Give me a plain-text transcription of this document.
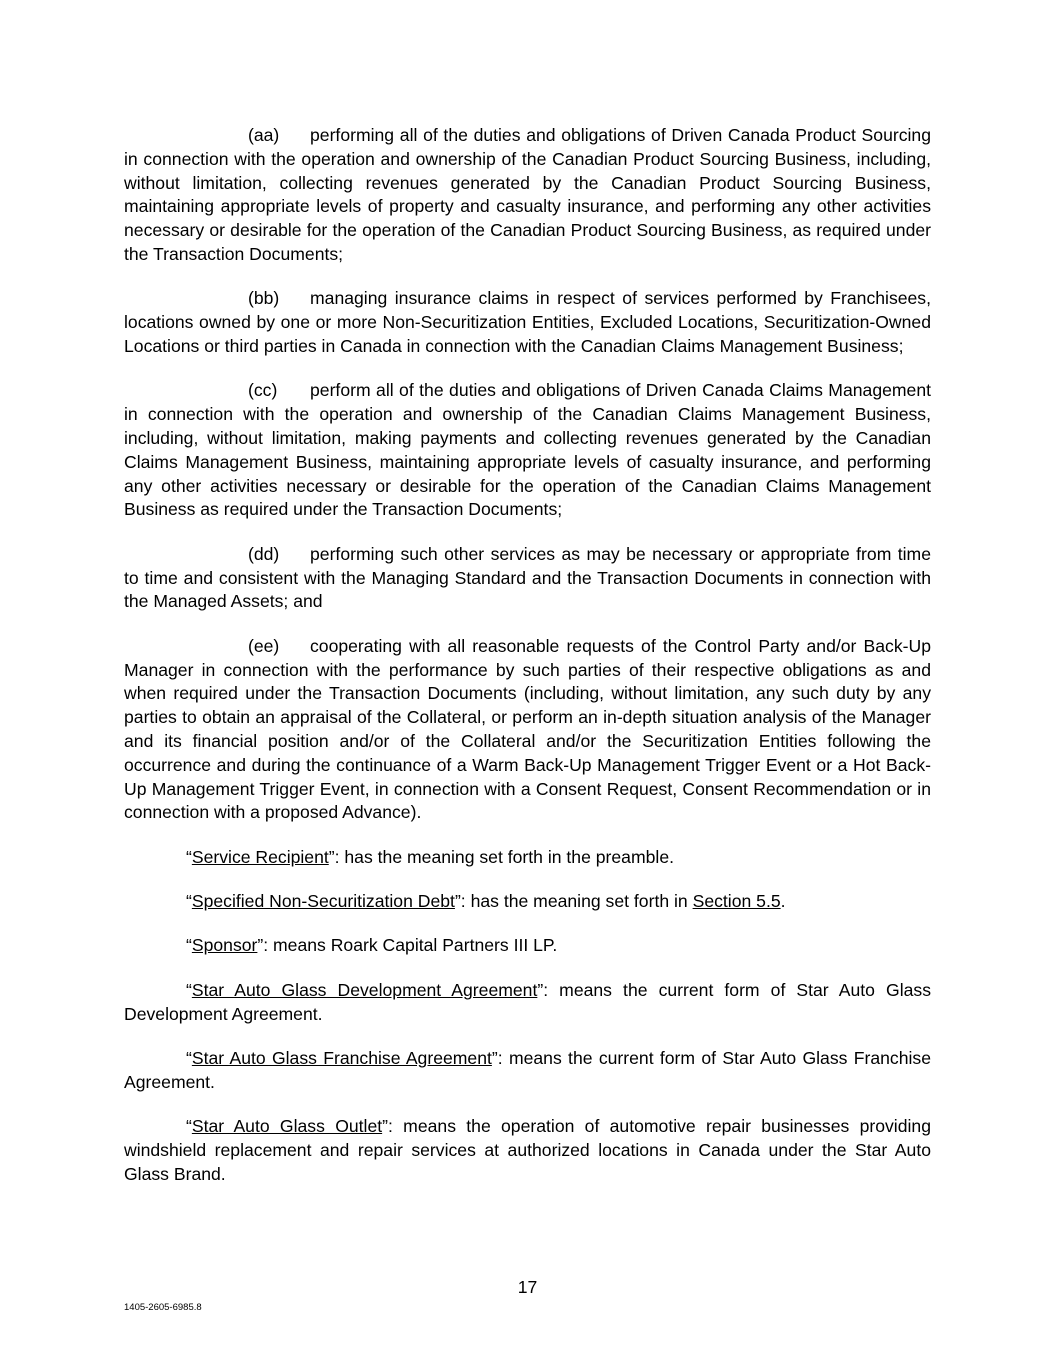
(aa) performing all of the duties and obligations of Driven Canada Product Sourcing in connection with the operation and ownership of the Canadian Product Sourcing Business, including, without limitation, collecting revenues generated by the Canadian Product Sourcing Business, maintaining appropriate levels of property and casualty insurance, and performing any other activities necessary or desirable for the operation of the Canadian Product Sourcing Business, as required under the Transaction Documents;

(bb) managing insurance claims in respect of services performed by Franchisees, locations owned by one or more Non-Securitization Entities, Excluded Locations, Securitization-Owned Locations or third parties in Canada in connection with the Canadian Claims Management Business;

(cc) perform all of the duties and obligations of Driven Canada Claims Management in connection with the operation and ownership of the Canadian Claims Management Business, including, without limitation, making payments and collecting revenues generated by the Canadian Claims Management Business, maintaining appropriate levels of casualty insurance, and performing any other activities necessary or desirable for the operation of the Canadian Claims Management Business as required under the Transaction Documents;

(dd) performing such other services as may be necessary or appropriate from time to time and consistent with the Managing Standard and the Transaction Documents in connection with the Managed Assets; and

(ee) cooperating with all reasonable requests of the Control Party and/or Back-Up Manager in connection with the performance by such parties of their respective obligations as and when required under the Transaction Documents (including, without limitation, any such duty by any parties to obtain an appraisal of the Collateral, or perform an in-depth situation analysis of the Manager and its financial position and/or of the Collateral and/or the Securitization Entities following the occurrence and during the continuance of a Warm Back-Up Management Trigger Event or a Hot Back-Up Management Trigger Event, in connection with a Consent Request, Consent Recommendation or in connection with a proposed Advance).

“Service Recipient”: has the meaning set forth in the preamble.

“Specified Non-Securitization Debt”: has the meaning set forth in Section 5.5.

“Sponsor”: means Roark Capital Partners III LP.

“Star Auto Glass Development Agreement”: means the current form of Star Auto Glass Development Agreement.

“Star Auto Glass Franchise Agreement”: means the current form of Star Auto Glass Franchise Agreement.

“Star Auto Glass Outlet”: means the operation of automotive repair businesses providing windshield replacement and repair services at authorized locations in Canada under the Star Auto Glass Brand.

17
1405-2605-6985.8
